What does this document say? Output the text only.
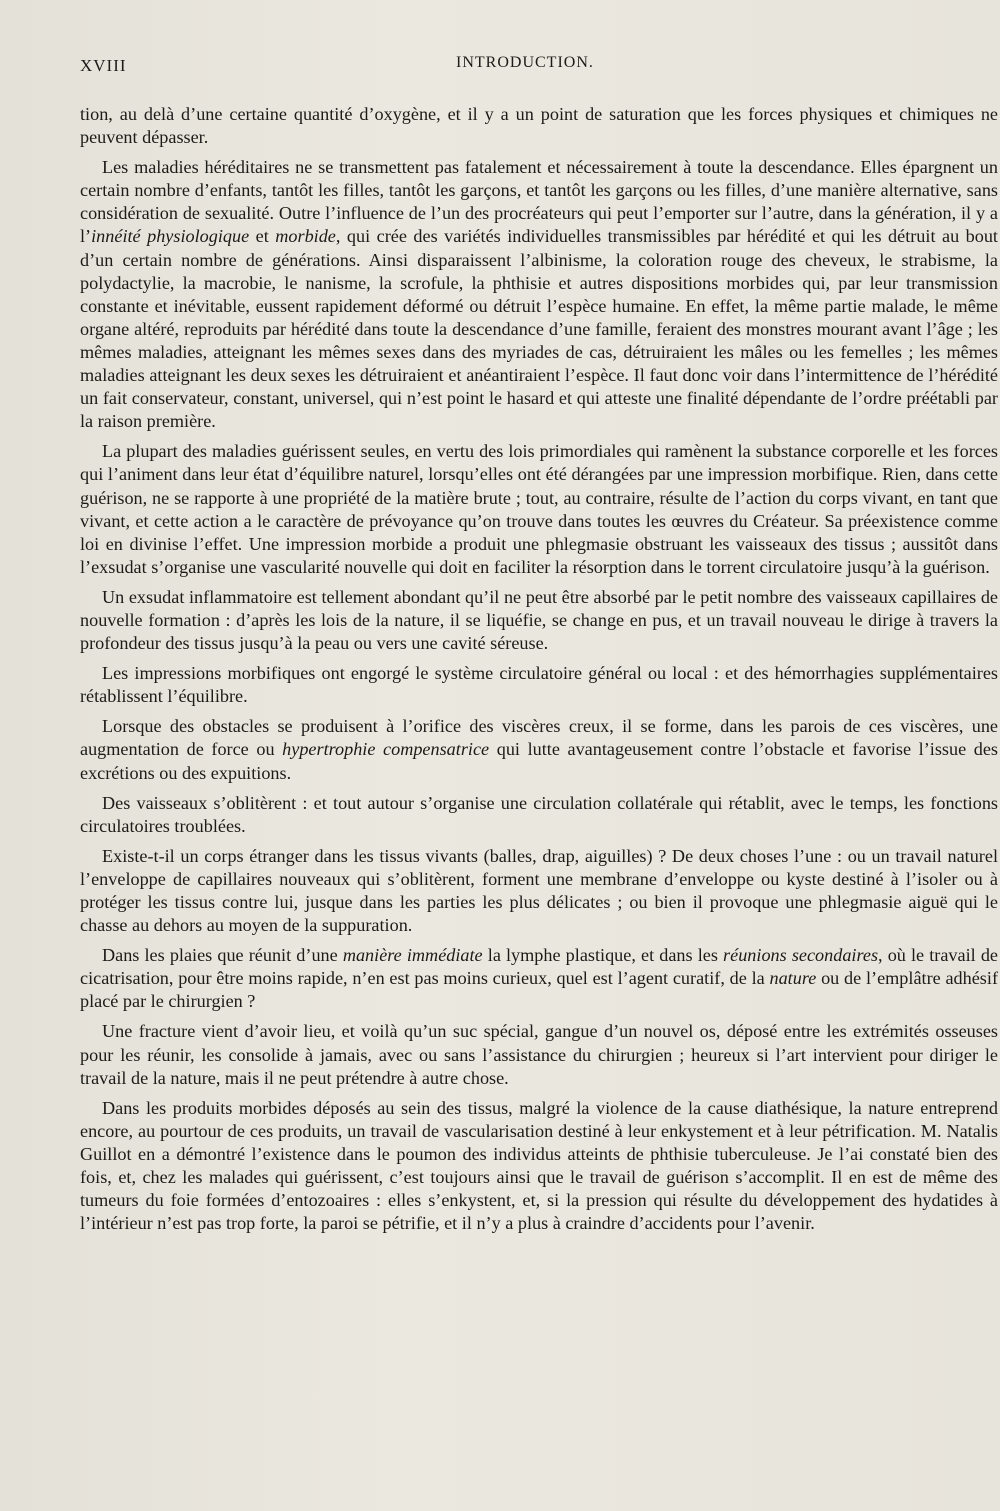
XVIII	INTRODUCTION.

tion, au delà d’une certaine quantité d’oxygène, et il y a un point de saturation que les forces physiques et chimiques ne peuvent dépasser.

Les maladies héréditaires ne se transmettent pas fatalement et nécessairement à toute la descendance. Elles épargnent un certain nombre d’enfants, tantôt les filles, tantôt les garçons, et tantôt les garçons ou les filles, d’une manière alternative, sans considération de sexualité. Outre l’influence de l’un des procréateurs qui peut l’emporter sur l’autre, dans la génération, il y a l’innéité physiologique et morbide, qui crée des variétés individuelles transmissibles par hérédité et qui les détruit au bout d’un certain nombre de générations. Ainsi disparaissent l’albinisme, la coloration rouge des cheveux, le strabisme, la polydactylie, la macrobie, le nanisme, la scrofule, la phthisie et autres dispositions morbides qui, par leur transmission constante et inévitable, eussent rapidement déformé ou détruit l’espèce humaine. En effet, la même partie malade, le même organe altéré, reproduits par hérédité dans toute la descendance d’une famille, feraient des monstres mourant avant l’âge ; les mêmes maladies, atteignant les mêmes sexes dans des myriades de cas, détruiraient les mâles ou les femelles ; les mêmes maladies atteignant les deux sexes les détruiraient et anéantiraient l’espèce. Il faut donc voir dans l’intermittence de l’hérédité un fait conservateur, constant, universel, qui n’est point le hasard et qui atteste une finalité dépendante de l’ordre préétabli par la raison première.

La plupart des maladies guérissent seules, en vertu des lois primordiales qui ramènent la substance corporelle et les forces qui l’animent dans leur état d’équilibre naturel, lorsqu’elles ont été dérangées par une impression morbifique. Rien, dans cette guérison, ne se rapporte à une propriété de la matière brute ; tout, au contraire, résulte de l’action du corps vivant, en tant que vivant, et cette action a le caractère de prévoyance qu’on trouve dans toutes les œuvres du Créateur. Sa préexistence comme loi en divinise l’effet. Une impression morbide a produit une phlegmasie obstruant les vaisseaux des tissus ; aussitôt dans l’exsudat s’organise une vascularité nouvelle qui doit en faciliter la résorption dans le torrent circulatoire jusqu’à la guérison.

Un exsudat inflammatoire est tellement abondant qu’il ne peut être absorbé par le petit nombre des vaisseaux capillaires de nouvelle formation : d’après les lois de la nature, il se liquéfie, se change en pus, et un travail nouveau le dirige à travers la profondeur des tissus jusqu’à la peau ou vers une cavité séreuse.

Les impressions morbifiques ont engorgé le système circulatoire général ou local : et des hémorrhagies supplémentaires rétablissent l’équilibre.

Lorsque des obstacles se produisent à l’orifice des viscères creux, il se forme, dans les parois de ces viscères, une augmentation de force ou hypertrophie compensatrice qui lutte avantageusement contre l’obstacle et favorise l’issue des excrétions ou des expuitions.

Des vaisseaux s’oblitèrent : et tout autour s’organise une circulation collatérale qui rétablit, avec le temps, les fonctions circulatoires troublées.

Existe-t-il un corps étranger dans les tissus vivants (balles, drap, aiguilles) ? De deux choses l’une : ou un travail naturel l’enveloppe de capillaires nouveaux qui s’oblitèrent, forment une membrane d’enveloppe ou kyste destiné à l’isoler ou à protéger les tissus contre lui, jusque dans les parties les plus délicates ; ou bien il provoque une phlegmasie aiguë qui le chasse au dehors au moyen de la suppuration.

Dans les plaies que réunit d’une manière immédiate la lymphe plastique, et dans les réunions secondaires, où le travail de cicatrisation, pour être moins rapide, n’en est pas moins curieux, quel est l’agent curatif, de la nature ou de l’emplâtre adhésif placé par le chirurgien ?

Une fracture vient d’avoir lieu, et voilà qu’un suc spécial, gangue d’un nouvel os, déposé entre les extrémités osseuses pour les réunir, les consolide à jamais, avec ou sans l’assistance du chirurgien ; heureux si l’art intervient pour diriger le travail de la nature, mais il ne peut prétendre à autre chose.

Dans les produits morbides déposés au sein des tissus, malgré la violence de la cause diathésique, la nature entreprend encore, au pourtour de ces produits, un travail de vascularisation destiné à leur enkystement et à leur pétrification. M. Natalis Guillot en a démontré l’existence dans le poumon des individus atteints de phthisie tuberculeuse. Je l’ai constaté bien des fois, et, chez les malades qui guérissent, c’est toujours ainsi que le travail de guérison s’accomplit. Il en est de même des tumeurs du foie formées d’entozoaires : elles s’enkystent, et, si la pression qui résulte du développement des hydatides à l’intérieur n’est pas trop forte, la paroi se pétrifie, et il n’y a plus à craindre d’accidents pour l’avenir.
